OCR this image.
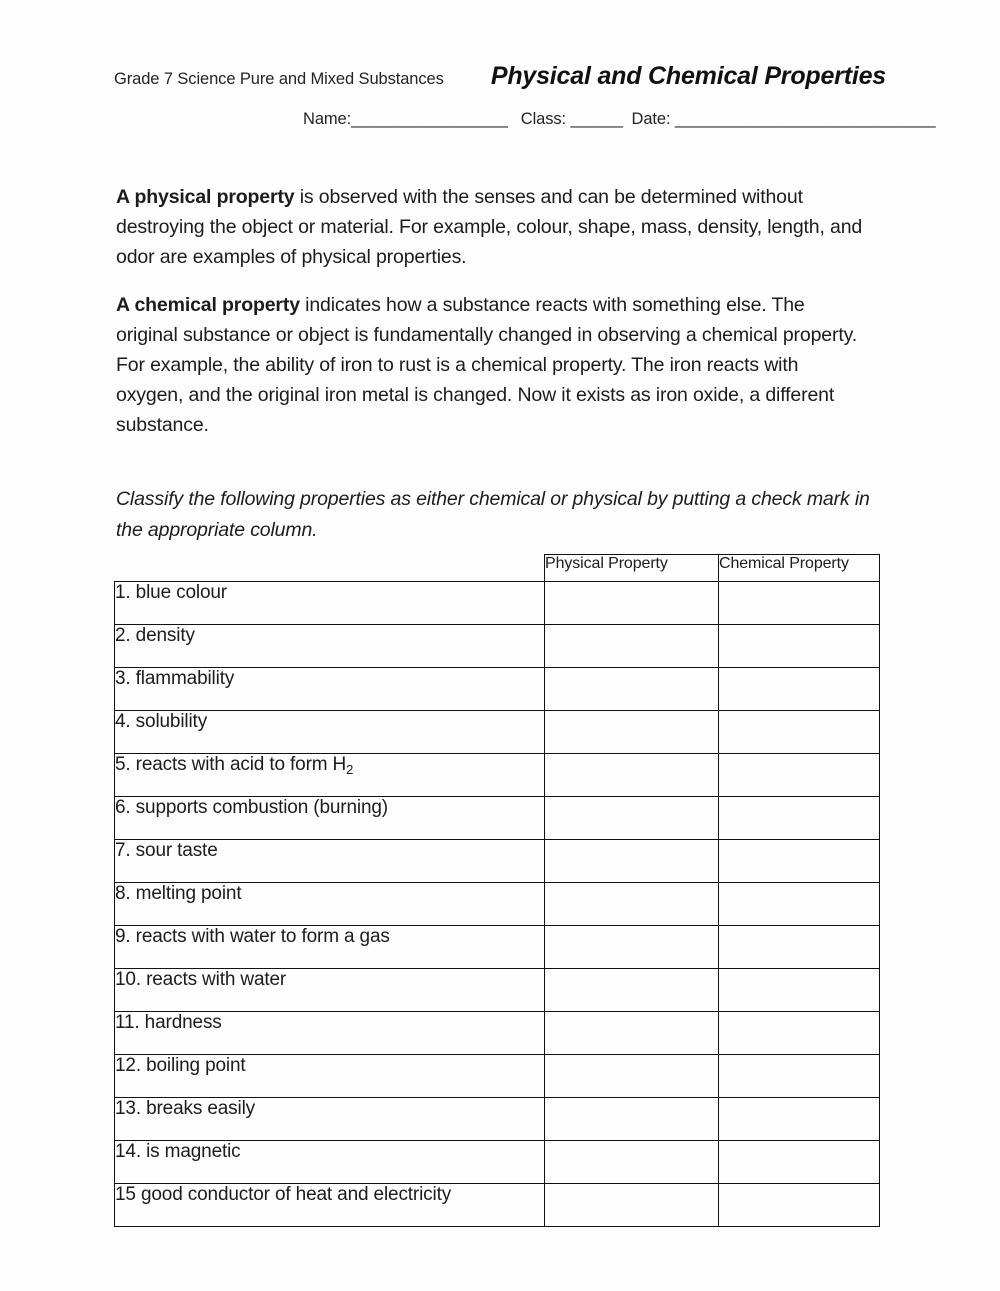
Grade 7 Science Pure and Mixed Substances Physical and Chemical Properties
Name:__________________ Class: ______ Date: ______________________________

A physical property is observed with the senses and can be determined without destroying the object or material. For example, colour, shape, mass, density, length, and odor are examples of physical properties.

A chemical property indicates how a substance reacts with something else. The original substance or object is fundamentally changed in observing a chemical property. For example, the ability of iron to rust is a chemical property. The iron reacts with oxygen, and the original iron metal is changed. Now it exists as iron oxide, a different substance.

Classify the following properties as either chemical or physical by putting a check mark in the appropriate column.
	Physical Property	Chemical Property
1. blue colour		
2. density		
3. flammability		
4. solubility		
5. reacts with acid to form $H_2$		
6. supports combustion (burning)		
7. sour taste		
8. melting point		
9. reacts with water to form a gas		
10. reacts with water		
11. hardness		
12. boiling point		
13. breaks easily		
14. is magnetic		
15 good conductor of heat and electricity		
